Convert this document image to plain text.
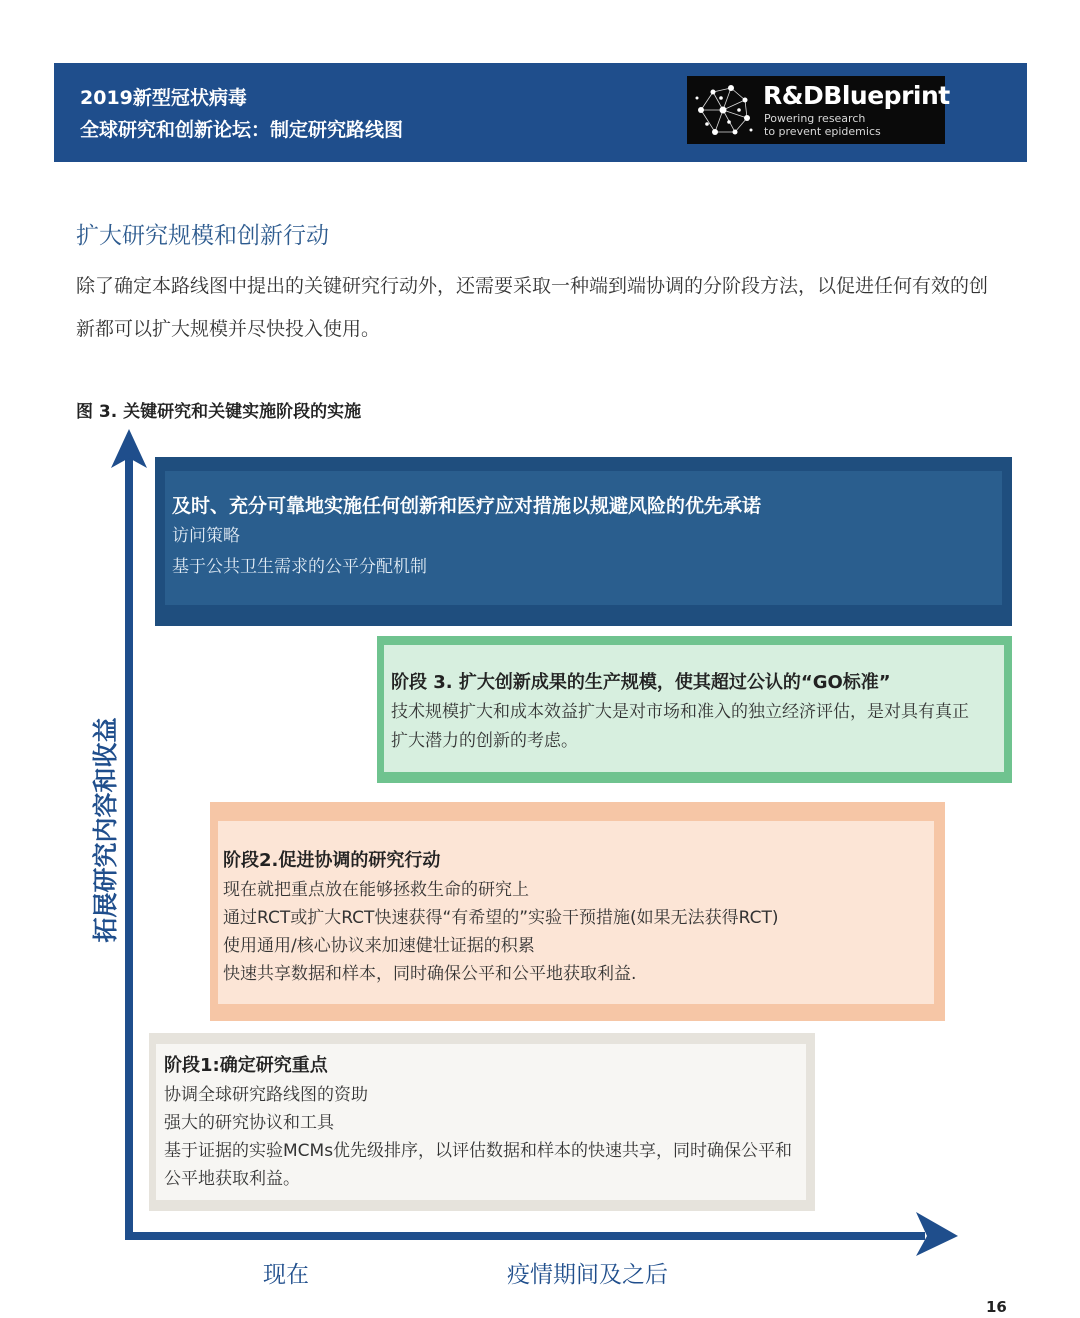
2019新型冠状病毒
全球研究和创新论坛：制定研究路线图
R&DBlueprint
Powering research
to prevent epidemics
扩大研究规模和创新行动
除了确定本路线图中提出的关键研究行动外，还需要采取一种端到端协调的分阶段方法，以促进任何有效的创新都可以扩大规模并尽快投入使用。
图 3. 关键研究和关键实施阶段的实施
拓展研究内容和收益
现在	疫情期间及之后
及时、充分可靠地实施任何创新和医疗应对措施以规避风险的优先承诺
访问策略
基于公共卫生需求的公平分配机制
阶段 3. 扩大创新成果的生产规模，使其超过公认的“GO标准”
技术规模扩大和成本效益扩大是对市场和准入的独立经济评估，是对具有真正扩大潜力的创新的考虑。
阶段2.促进协调的研究行动
现在就把重点放在能够拯救生命的研究上
通过RCT或扩大RCT快速获得“有希望的”实验干预措施(如果无法获得RCT)
使用通用/核心协议来加速健壮证据的积累
快速共享数据和样本，同时确保公平和公平地获取利益.
阶段1:确定研究重点
协调全球研究路线图的资助
强大的研究协议和工具
基于证据的实验MCMs优先级排序，以评估数据和样本的快速共享，同时确保公平和公平地获取利益。
16
